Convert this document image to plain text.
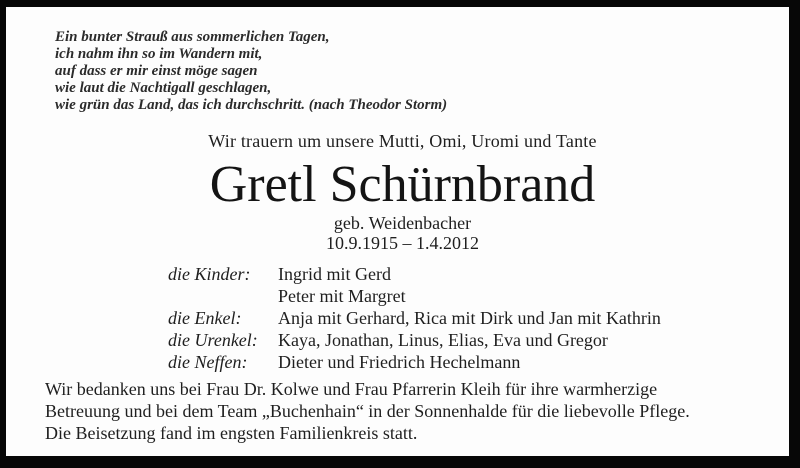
Ein bunter Strauß aus sommerlichen Tagen,
ich nahm ihn so im Wandern mit,
auf dass er mir einst möge sagen
wie laut die Nachtigall geschlagen,
wie grün das Land, das ich durchschritt. (nach Theodor Storm)
Wir trauern um unsere Mutti, Omi, Uromi und Tante
Gretl Schürnbrand
geb. Weidenbacher
10.9.1915 – 1.4.2012
die Kinder: Ingrid mit Gerd
Peter mit Margret
die Enkel: Anja mit Gerhard, Rica mit Dirk und Jan mit Kathrin
die Urenkel: Kaya, Jonathan, Linus, Elias, Eva und Gregor
die Neffen: Dieter und Friedrich Hechelmann
Wir bedanken uns bei Frau Dr. Kolwe und Frau Pfarrerin Kleih für ihre warmherzige
Betreuung und bei dem Team „Buchenhain“ in der Sonnenhalde für die liebevolle Pflege.
Die Beisetzung fand im engsten Familienkreis statt.
